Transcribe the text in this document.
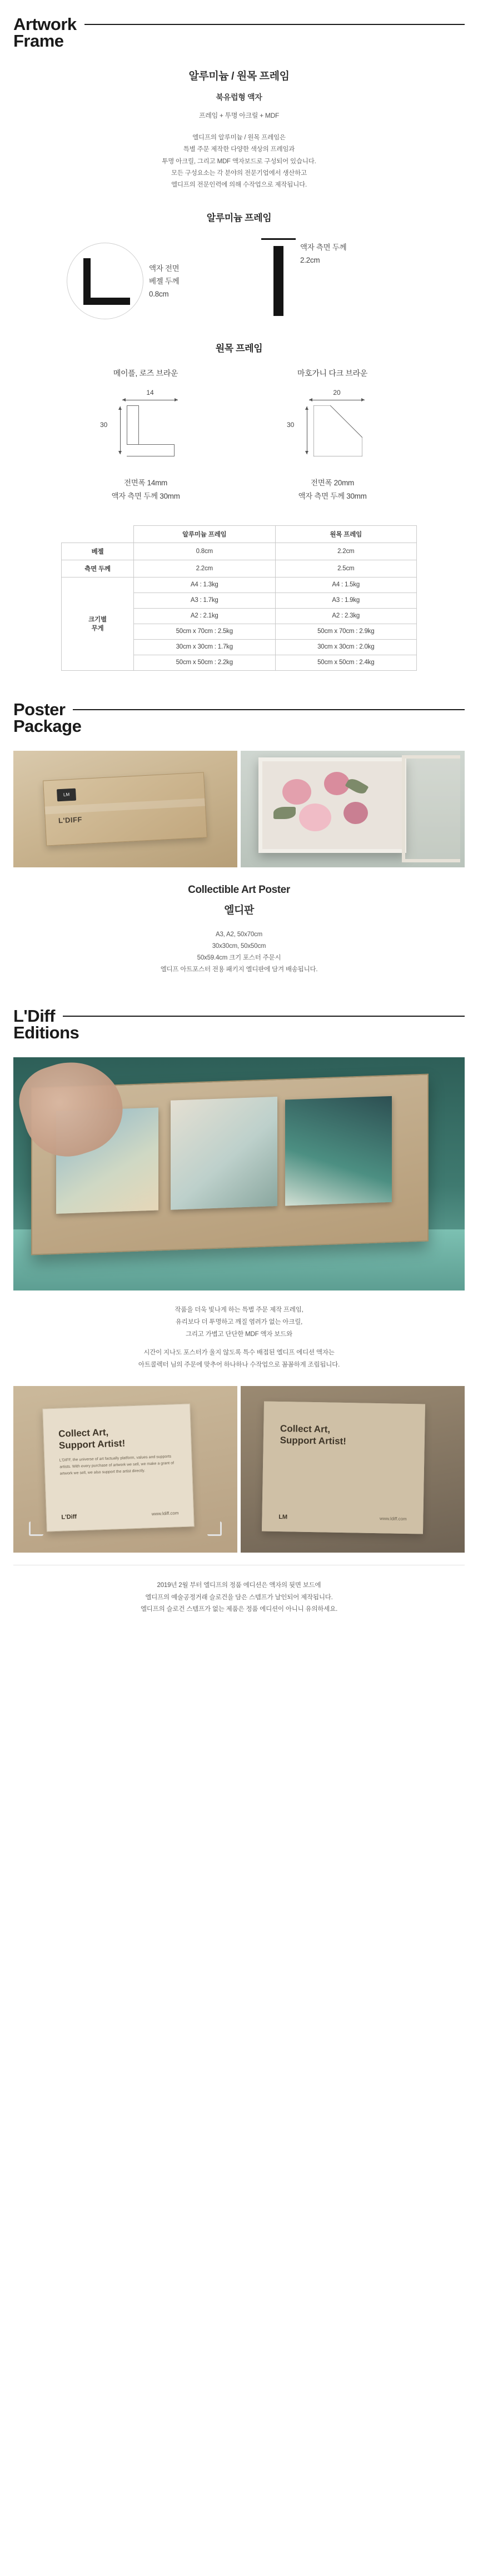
Artwork
Frame
알루미늄 / 원목 프레임
북유럽형 액자
프레임 + 투명 아크릴 + MDF
엘디프의 알루미늄 / 원목 프레임은
특별 주문 제작한 다양한 색상의 프레임과
투명 아크릴, 그리고 MDF 액자보드로 구성되어 있습니다.
모든 구성요소는 각 분야의 전문기업에서 생산하고
엘디프의 전문인력에 의해 수작업으로 제작됩니다.
알루미늄 프레임
액자 전면
베젤 두께
0.8cm
액자 측면 두께
2.2cm
원목 프레임
메이플, 로즈 브라운
14
30
전면폭 14mm
액자 측면 두께 30mm
마호가니 다크 브라운
20
30
전면폭 20mm
액자 측면 두께 30mm
	알루미늄 프레임	원목 프레임
베젤	0.8cm	2.2cm
측면 두께	2.2cm	2.5cm

크기별
무게	A4 : 1.3kg	A4 : 1.5kg
	A3 : 1.7kg	A3 : 1.9kg
	A2 : 2.1kg	A2 : 2.3kg
	50cm x 70cm : 2.5kg	50cm x 70cm : 2.9kg
	30cm x 30cm : 1.7kg	30cm x 30cm : 2.0kg
	50cm x 50cm : 2.2kg	50cm x 50cm : 2.4kg
Poster
Package
LM
L'DIFF
Collectible Art Poster
엘디판
A3, A2, 50x70cm
30x30cm, 50x50cm
50x59.4cm 크기 포스터 주문시
엘디프 아트포스터 전용 패키지 엘디판에 담겨 배송됩니다.
L'Diff
Editions
작품을 더욱 빛나게 하는 특별 주문 제작 프레임,
유리보다 더 투명하고 깨질 염려가 없는 아크릴,
그리고 가볍고 단단한 MDF 액자 보드와
시간이 지나도 포스터가 울지 않도록 특수 배접된 엘디프 에디션 액자는
아트콜렉터 님의 주문에 맞추어 하나하나 수작업으로 꼼꼼하게 조립됩니다.
Collect Art,
Support Artist!
L'DIFF, the universe of art factually platform, values and supports artists. With every purchase of artwork we sell, we make a grant of artwork we sell, we also support the artist directly.
L'Diff
www.ldiff.com
Collect Art,
Support Artist!
LM	www.ldiff.com
2019년 2월 부터 엘디프의 정품 에디션은 액자의 뒷면 보드에
엘디프의 예술공정거래 슬로건을 담은 스템프가 날인되어 제작됩니다.
엘디프의 슬로건 스템프가 없는 제품은 정품 에디션이 아니니 유의하세요.
